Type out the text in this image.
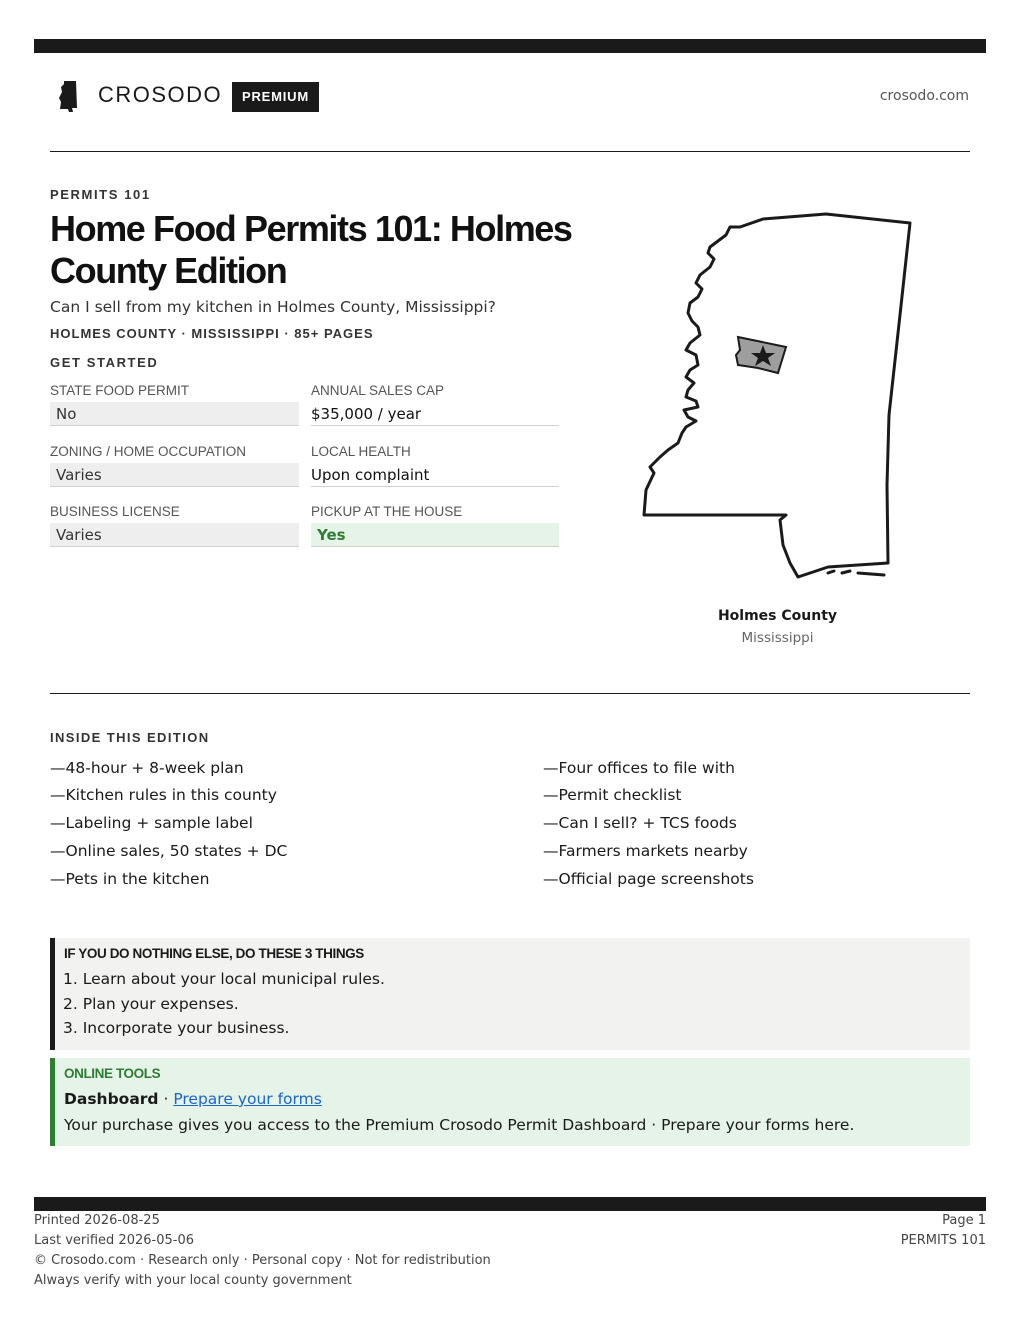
CROSODO	PREMIUM	crosodo.com
PERMITS 101
Home Food Permits 101: Holmes County Edition
Can I sell from my kitchen in Holmes County, Mississippi?
HOLMES COUNTY · MISSISSIPPI · 85+ PAGES
GET STARTED
STATE FOOD PERMIT
No
ANNUAL SALES CAP
$35,000 / year
ZONING / HOME OCCUPATION
Varies
LOCAL HEALTH
Upon complaint
BUSINESS LICENSE
Varies
PICKUP AT THE HOUSE
Yes
Holmes County
Mississippi
INSIDE THIS EDITION
—48-hour + 8-week plan
—Kitchen rules in this county
—Labeling + sample label
—Online sales, 50 states + DC
—Pets in the kitchen
—Four offices to file with
—Permit checklist
—Can I sell? + TCS foods
—Farmers markets nearby
—Official page screenshots
IF YOU DO NOTHING ELSE, DO THESE 3 THINGS
1. Learn about your local municipal rules.
2. Plan your expenses.
3. Incorporate your business.
ONLINE TOOLS
Dashboard · Prepare your forms
Your purchase gives you access to the Premium Crosodo Permit Dashboard · Prepare your forms here.
Printed 2026-08-25
Last verified 2026-05-06
© Crosodo.com · Research only · Personal copy · Not for redistribution
Always verify with your local county government
Page 1
PERMITS 101
